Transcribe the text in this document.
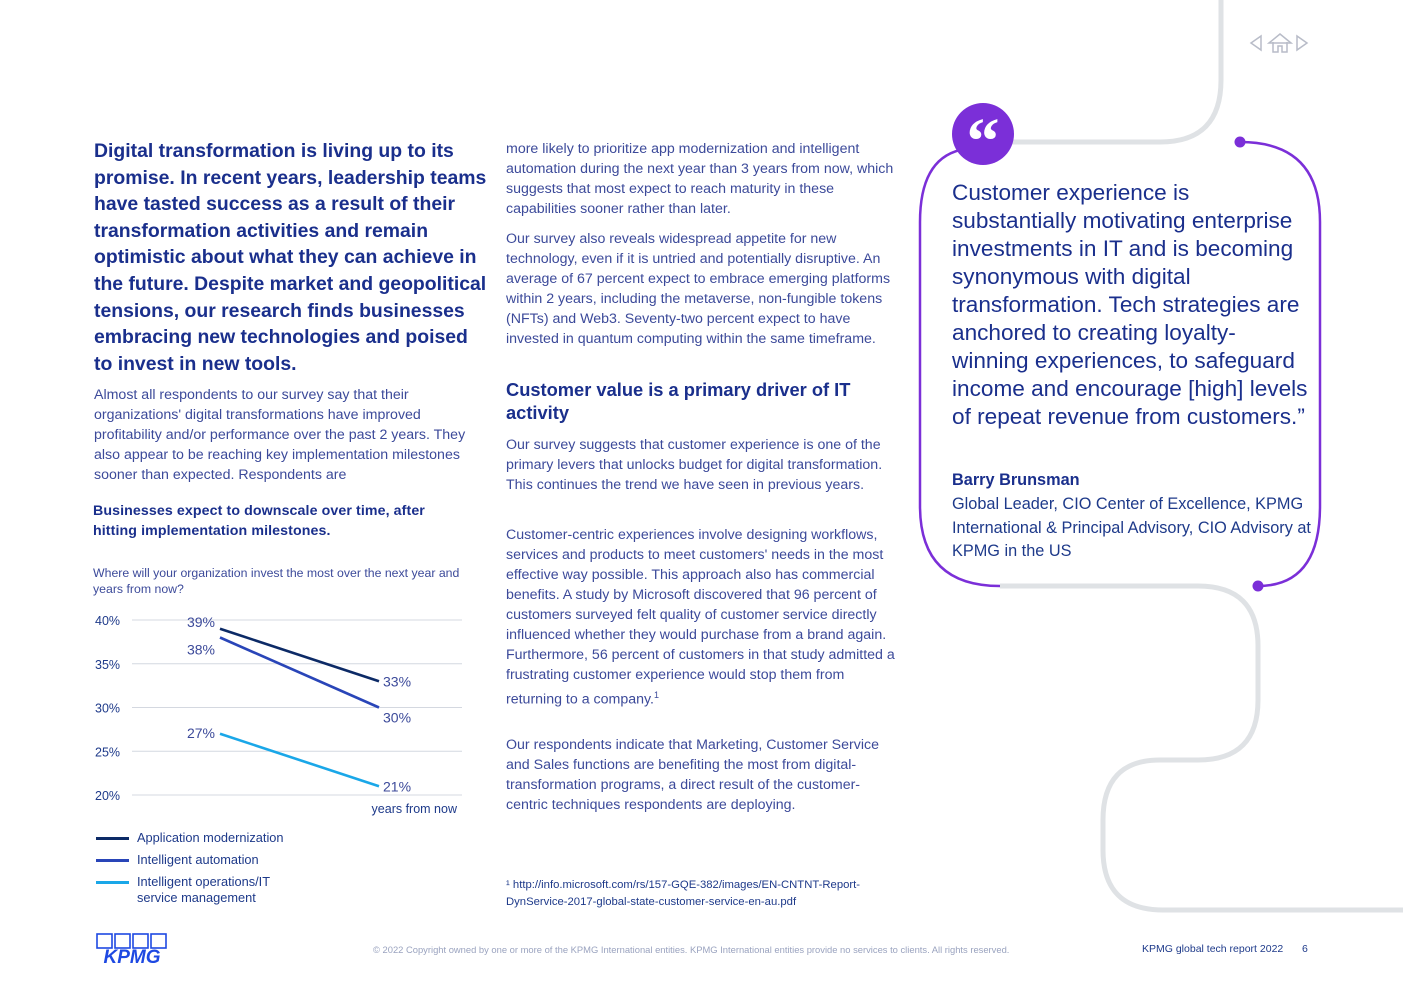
“
Digital transformation is living up to its promise. In recent years, leadership teams have tasted success as a result of their transformation activities and remain optimistic about what they can achieve in the future. Despite market and geopolitical tensions, our research finds businesses embracing new technologies and poised to invest in new tools.
Almost all respondents to our survey say that their organizations' digital transformations have improved profitability and/or performance over the past 2 years. They also appear to be reaching key implementation milestones sooner than expected. Respondents are
Businesses expect to downscale over time, after hitting implementation milestones.
Where will your organization invest the most over the next year and years from now?
40%
35%
30%
25%
20%
years from now
39%
33%
38%
30%
27%
21%
Application modernization
Intelligent automation
Intelligent operations/IT service management
more likely to prioritize app modernization and intelligent automation during the next year than 3 years from now, which suggests that most expect to reach maturity in these capabilities sooner rather than later.
Our survey also reveals widespread appetite for new technology, even if it is untried and potentially disruptive. An average of 67 percent expect to embrace emerging platforms within 2 years, including the metaverse, non-fungible tokens (NFTs) and Web3. Seventy-two percent expect to have invested in quantum computing within the same timeframe.
Customer value is a primary driver of IT activity
Our survey suggests that customer experience is one of the primary levers that unlocks budget for digital transformation. This continues the trend we have seen in previous years.
Customer-centric experiences involve designing workflows, services and products to meet customers' needs in the most effective way possible. This approach also has commercial benefits. A study by Microsoft discovered that 96 percent of customers surveyed felt quality of customer service directly influenced whether they would purchase from a brand again. Furthermore, 56 percent of customers in that study admitted a frustrating customer experience would stop them from returning to a company.$^1$
Our respondents indicate that Marketing, Customer Service and Sales functions are benefiting the most from digital-transformation programs, a direct result of the customer-centric techniques respondents are deploying.
¹ http://info.microsoft.com/rs/157-GQE-382/images/EN-CNTNT-Report-DynService-2017-global-state-customer-service-en-au.pdf
Customer experience is substantially motivating enterprise investments in IT and is becoming synonymous with digital transformation. Tech strategies are anchored to creating loyalty-winning experiences, to safeguard income and encourage [high] levels of repeat revenue from customers.”
Barry Brunsman
Global Leader, CIO Center of Excellence, KPMG International & Principal Advisory, CIO Advisory at KPMG in the US
KPMG	© 2022 Copyright owned by one or more of the KPMG International entities. KPMG International entities provide no services to clients. All rights reserved.	KPMG global tech report 2022 6
